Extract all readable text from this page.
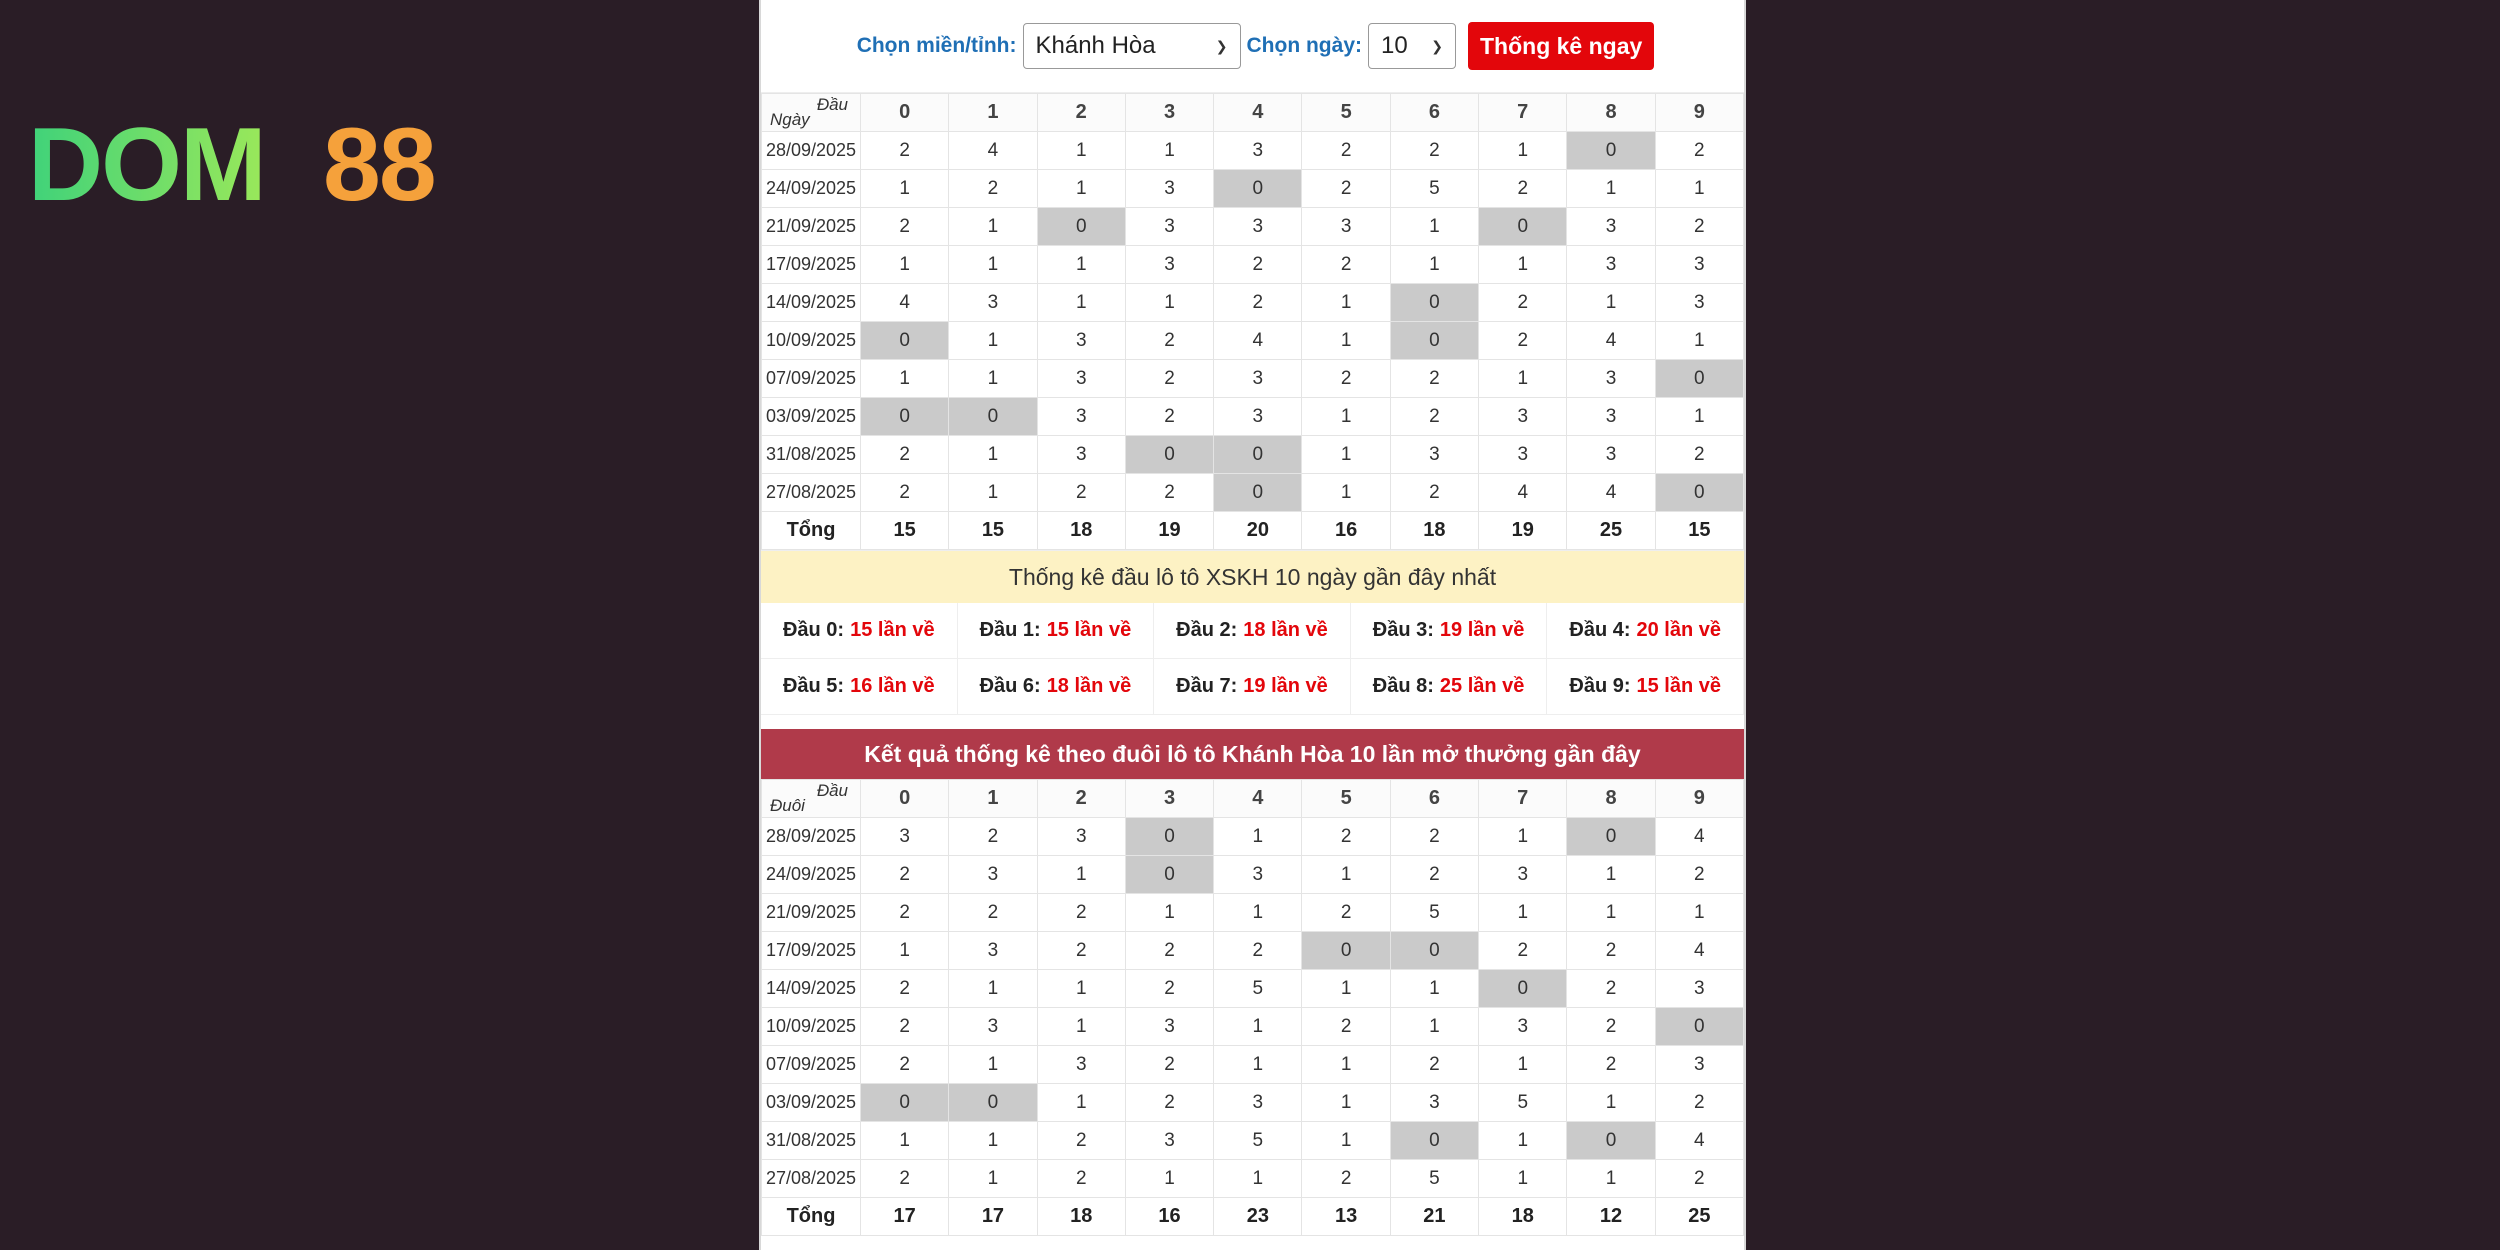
DOM 88
Chọn miền/tỉnh: Khánh Hòa	❯ Chọn ngày: 10 ❯	Thống kê ngay
Đầu
Ngày	0	1	2	3	4	5	6	7	8	9
28/09/2025	2	4	1	1	3	2	2	1	0	2
24/09/2025	1	2	1	3	0	2	5	2	1	1
21/09/2025	2	1	0	3	3	3	1	0	3	2
17/09/2025	1	1	1	3	2	2	1	1	3	3
14/09/2025	4	3	1	1	2	1	0	2	1	3
10/09/2025	0	1	3	2	4	1	0	2	4	1
07/09/2025	1	1	3	2	3	2	2	1	3	0
03/09/2025	0	0	3	2	3	1	2	3	3	1
31/08/2025	2	1	3	0	0	1	3	3	3	2
27/08/2025	2	1	2	2	0	1	2	4	4	0
Tổng	15	15	18	19	20	16	18	19	25	15
Thống kê đầu lô tô XSKH 10 ngày gần đây nhất
Đầu 0: 15 lần về Đầu 1: 15 lần về Đầu 2: 18 lần về Đầu 3: 19 lần về Đầu 4: 20 lần về
Đầu 5: 16 lần về Đầu 6: 18 lần về Đầu 7: 19 lần về Đầu 8: 25 lần về Đầu 9: 15 lần về
Kết quả thống kê theo đuôi lô tô Khánh Hòa 10 lần mở thưởng gần đây
Đầu
Đuôi	0	1	2	3	4	5	6	7	8	9
28/09/2025	3	2	3	0	1	2	2	1	0	4
24/09/2025	2	3	1	0	3	1	2	3	1	2
21/09/2025	2	2	2	1	1	2	5	1	1	1
17/09/2025	1	3	2	2	2	0	0	2	2	4
14/09/2025	2	1	1	2	5	1	1	0	2	3
10/09/2025	2	3	1	3	1	2	1	3	2	0
07/09/2025	2	1	3	2	1	1	2	1	2	3
03/09/2025	0	0	1	2	3	1	3	5	1	2
31/08/2025	1	1	2	3	5	1	0	1	0	4
27/08/2025	2	1	2	1	1	2	5	1	1	2
Tổng	17	17	18	16	23	13	21	18	12	25
